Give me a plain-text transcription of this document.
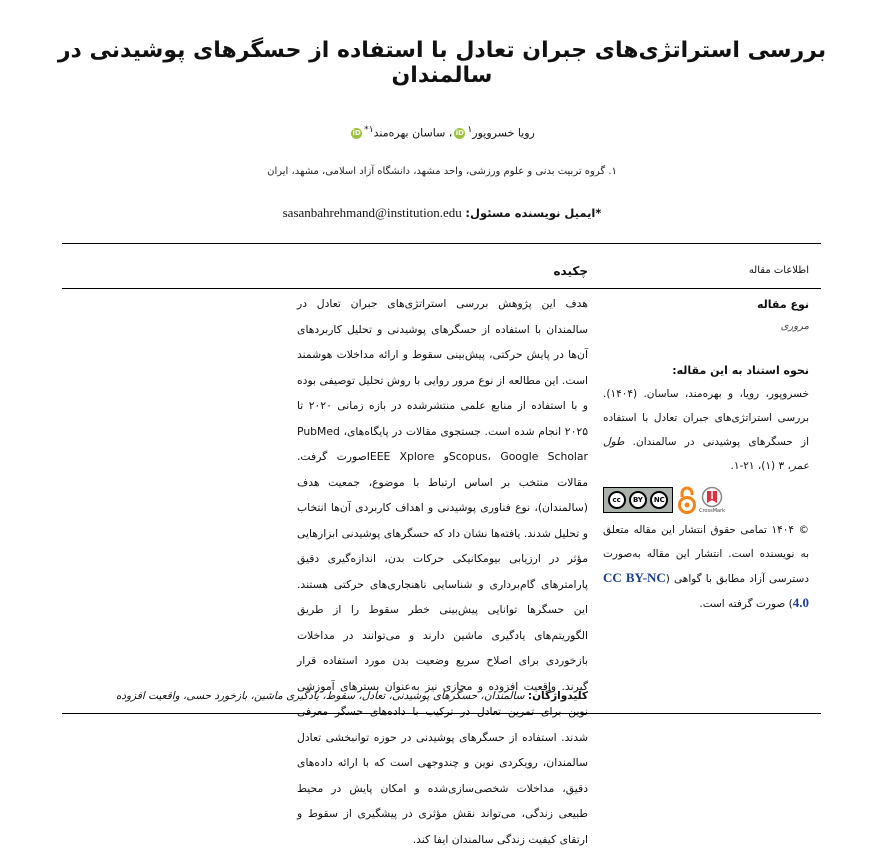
بررسی استراتژی‌های جبران تعادل با استفاده از حسگرهای پوشیدنی در سالمندان
رویا خسروپور$^۱$iD، ساسان بهره‌مند$^{۱*}$iD
۱. گروه تربیت بدنی و علوم ورزشی، واحد مشهد، دانشگاه آزاد اسلامی، مشهد، ایران
*ایمیل نویسنده مسئول: sasanbahrehmand@institution.edu
اطلاعات مقاله
چکیده
نوع مقاله
مروری
نحوه استناد به این مقاله:
خسروپور، رویا، و بهره‌مند، ساسان. (۱۴۰۴). بررسی استراتژی‌های جبران تعادل با استفاده از حسگرهای پوشیدنی در سالمندان. طول عمر، ۳ (۱)، ۲۱-۱.
cc	BY	NC
CrossMark
© ۱۴۰۴ تمامی حقوق انتشار این مقاله متعلق به نویسنده است. انتشار این مقاله به‌صورت دسترسی آزاد مطابق با گواهی (CC BY-NC 4.0) صورت گرفته است.

هدف این پژوهش بررسی استراتژی‌های جبران تعادل در سالمندان با استفاده از حسگرهای پوشیدنی و تحلیل کاربردهای آن‌ها در پایش حرکتی، پیش‌بینی سقوط و ارائه مداخلات هوشمند است. این مطالعه از نوع مرور روایی با روش تحلیل توصیفی بوده و با استفاده از منابع علمی منتشرشده در بازه زمانی ۲۰۲۰ تا ۲۰۲۵ انجام شده است. جستجوی مقالات در پایگاه‌هایPubMed ، Scopus، Google Scholarو IEEE Xploreصورت گرفت. مقالات منتخب بر اساس ارتباط با موضوع، جمعیت هدف (سالمندان)، نوع فناوری پوشیدنی و اهداف کاربردی آن‌ها انتخاب و تحلیل شدند. یافته‌ها نشان داد که حسگرهای پوشیدنی ابزارهایی مؤثر در ارزیابی بیومکانیکی حرکات بدن، اندازه‌گیری دقیق پارامترهای گام‌برداری و شناسایی ناهنجاری‌های حرکتی هستند. این حسگرها توانایی پیش‌بینی خطر سقوط را از طریق الگوریتم‌های یادگیری ماشین دارند و می‌توانند در مداخلات بازخوردی برای اصلاح سریع وضعیت بدن مورد استفاده قرار گیرند. واقعیت افزوده و مجازی نیز به‌عنوان بسترهای آموزشی نوین برای تمرین تعادل در ترکیب با داده‌های حسگر معرفی شدند. استفاده از حسگرهای پوشیدنی در حوزه توانبخشی تعادل سالمندان، رویکردی نوین و چندوجهی است که با ارائه داده‌های دقیق، مداخلات شخصی‌سازی‌شده و امکان پایش در محیط طبیعی زندگی، می‌تواند نقش مؤثری در پیشگیری از سقوط و ارتقای کیفیت زندگی سالمندان ایفا کند.

کلیدواژگان: سالمندان، حسگرهای پوشیدنی، تعادل، سقوط، یادگیری ماشین، بازخورد حسی، واقعیت افزوده
